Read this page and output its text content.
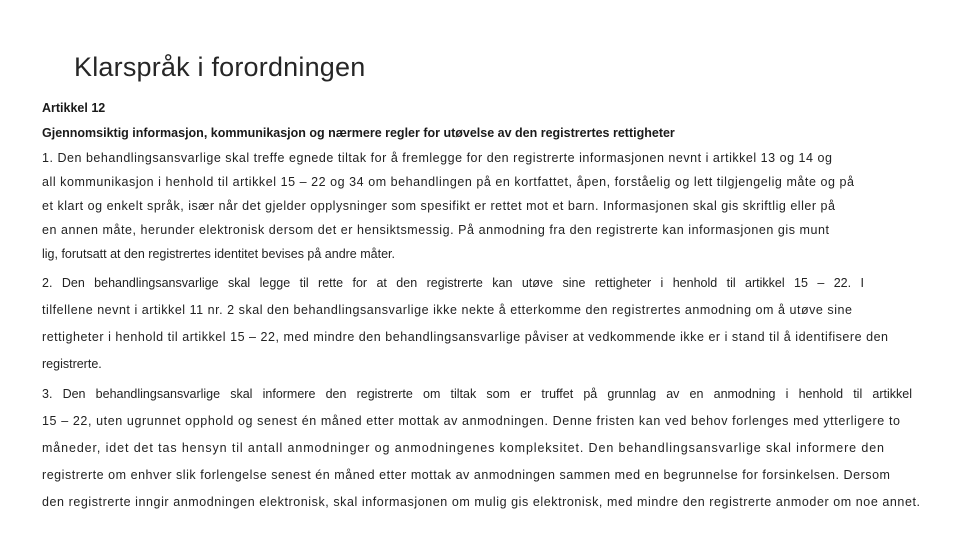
Klarspråk i forordningen
Artikkel 12
Gjennomsiktig informasjon, kommunikasjon og nærmere regler for utøvelse av den registrertes rettigheter
1. Den behandlingsansvarlige skal treffe egnede tiltak for å fremlegge for den registrerte informasjonen nevnt i artikkel 13 og 14 og
all kommunikasjon i henhold til artikkel 15 – 22 og 34 om behandlingen på en kortfattet, åpen, forståelig og lett tilgjengelig måte og på
et klart og enkelt språk, især når det gjelder opplysninger som spesifikt er rettet mot et barn. Informasjonen skal gis skriftlig eller på
en annen måte, herunder elektronisk dersom det er hensiktsmessig. På anmodning fra den registrerte kan informasjonen gis munt
lig, forutsatt at den registrertes identitet bevises på andre måter.
2. Den behandlingsansvarlige skal legge til rette for at den registrerte kan utøve sine rettigheter i henhold til artikkel 15 – 22. I
tilfellene nevnt i artikkel 11 nr. 2 skal den behandlingsansvarlige ikke nekte å etterkomme den registrertes anmodning om å utøve sine
rettigheter i henhold til artikkel 15 – 22, med mindre den behandlingsansvarlige påviser at vedkommende ikke er i stand til å identifisere den
registrerte.
3. Den behandlingsansvarlige skal informere den registrerte om tiltak som er truffet på grunnlag av en anmodning i henhold til artikkel
15 – 22, uten ugrunnet opphold og senest én måned etter mottak av anmodningen. Denne fristen kan ved behov forlenges med ytterligere to
måneder, idet det tas hensyn til antall anmodninger og anmodningenes kompleksitet. Den behandlingsansvarlige skal informere den
registrerte om enhver slik forlengelse senest én måned etter mottak av anmodningen sammen med en begrunnelse for forsinkelsen. Dersom
den registrerte inngir anmodningen elektronisk, skal informasjonen om mulig gis elektronisk, med mindre den registrerte anmoder om noe annet.
